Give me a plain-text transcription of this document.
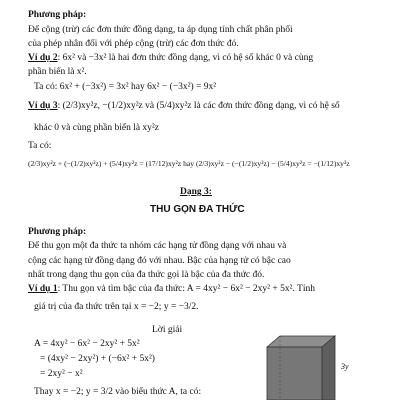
Phương pháp:
Để cộng (trừ) các đơn thức đồng dạng, ta áp dụng tính chất phân phối
của phép nhân đối với phép cộng (trừ) các đơn thức đó.
Ví dụ 2: 6x² và −3x² là hai đơn thức đồng dạng, vì có hệ số khác 0 và cùng
phần biến là x².
Ta có: 6x² + (−3x²) = 3x² hay 6x² − (−3x²) = 9x²
Ví dụ 3: (2/3)xy²z, −(1/2)xy²z và (5/4)xy²z là các đơn thức đồng dạng, vì có hệ số
khác 0 và cùng phần biến là xy²z
Ta có:
(2/3)xy²z + (−(1/2)xy²z) + (5/4)xy²z = (17/12)xy²z hay (2/3)xy²z − (−(1/2)xy²z) − (5/4)xy²z = −(1/12)xy²z
Dạng 3:
THU GỌN ĐA THỨC
Phương pháp:
Để thu gọn một đa thức ta nhóm các hạng tử đồng dạng với nhau và
cộng các hạng tử đồng dạng đó với nhau. Bậc của hạng tử có bậc cao
nhất trong dạng thu gọn của đa thức gọi là bậc của đa thức đó.
Ví dụ 1: Thu gọn và tìm bậc của đa thức: A = 4xy² − 6x² − 2xy² + 5x². Tính
giá trị của đa thức trên tại x = −2; y = −3/2.
Lời giải
A = 4xy² − 6x² − 2xy² + 5x²
= (4xy² − 2xy²) + (−6x² + 5x²)
= 2xy² − x²
Thay x = −2; y = 3/2 vào biểu thức A, ta có:
3y
